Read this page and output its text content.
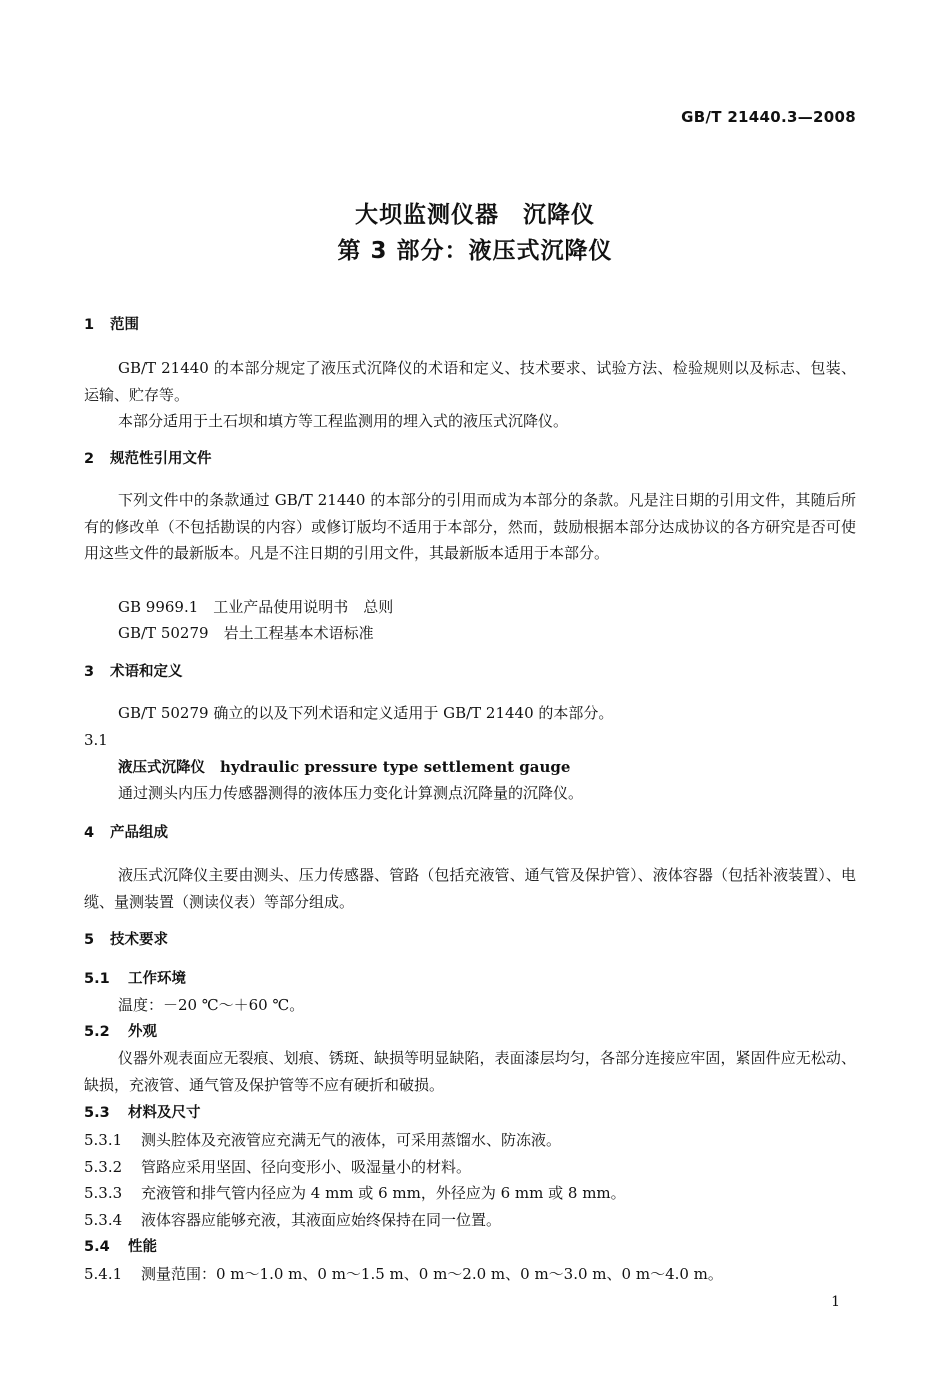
GB/T 21440.3—2008
大坝监测仪器　沉降仪
第 3 部分：液压式沉降仪
1 范围
GB/T 21440 的本部分规定了液压式沉降仪的术语和定义、技术要求、试验方法、检验规则以及标志、包装、运输、贮存等。
本部分适用于土石坝和填方等工程监测用的埋入式的液压式沉降仪。
2 规范性引用文件
下列文件中的条款通过 GB/T 21440 的本部分的引用而成为本部分的条款。凡是注日期的引用文件，其随后所有的修改单（不包括勘误的内容）或修订版均不适用于本部分，然而，鼓励根据本部分达成协议的各方研究是否可使用这些文件的最新版本。凡是不注日期的引用文件，其最新版本适用于本部分。
GB 9969.1　 工业产品使用说明书　总则
GB/T 50279　 岩土工程基本术语标准
3 术语和定义
GB/T 50279 确立的以及下列术语和定义适用于 GB/T 21440 的本部分。
3.1
液压式沉降仪　 hydraulic pressure type settlement gauge
通过测头内压力传感器测得的液体压力变化计算测点沉降量的沉降仪。
4 产品组成
液压式沉降仪主要由测头、压力传感器、管路（包括充液管、通气管及保护管）、液体容器（包括补液装置）、电缆、量测装置（测读仪表）等部分组成。
5 技术要求
5.1 工作环境
温度：－20 ℃～＋60 ℃。
5.2 外观
仪器外观表面应无裂痕、划痕、锈斑、缺损等明显缺陷，表面漆层均匀，各部分连接应牢固，紧固件应无松动、缺损，充液管、通气管及保护管等不应有硬折和破损。
5.3 材料及尺寸
5.3.1 测头腔体及充液管应充满无气的液体，可采用蒸馏水、防冻液。
5.3.2 管路应采用坚固、径向变形小、吸湿量小的材料。
5.3.3 充液管和排气管内径应为 4 mm 或 6 mm，外径应为 6 mm 或 8 mm。
5.3.4 液体容器应能够充液，其液面应始终保持在同一位置。
5.4 性能
5.4.1 测量范围：0 m～1.0 m、0 m～1.5 m、0 m～2.0 m、0 m～3.0 m、0 m～4.0 m。
1
